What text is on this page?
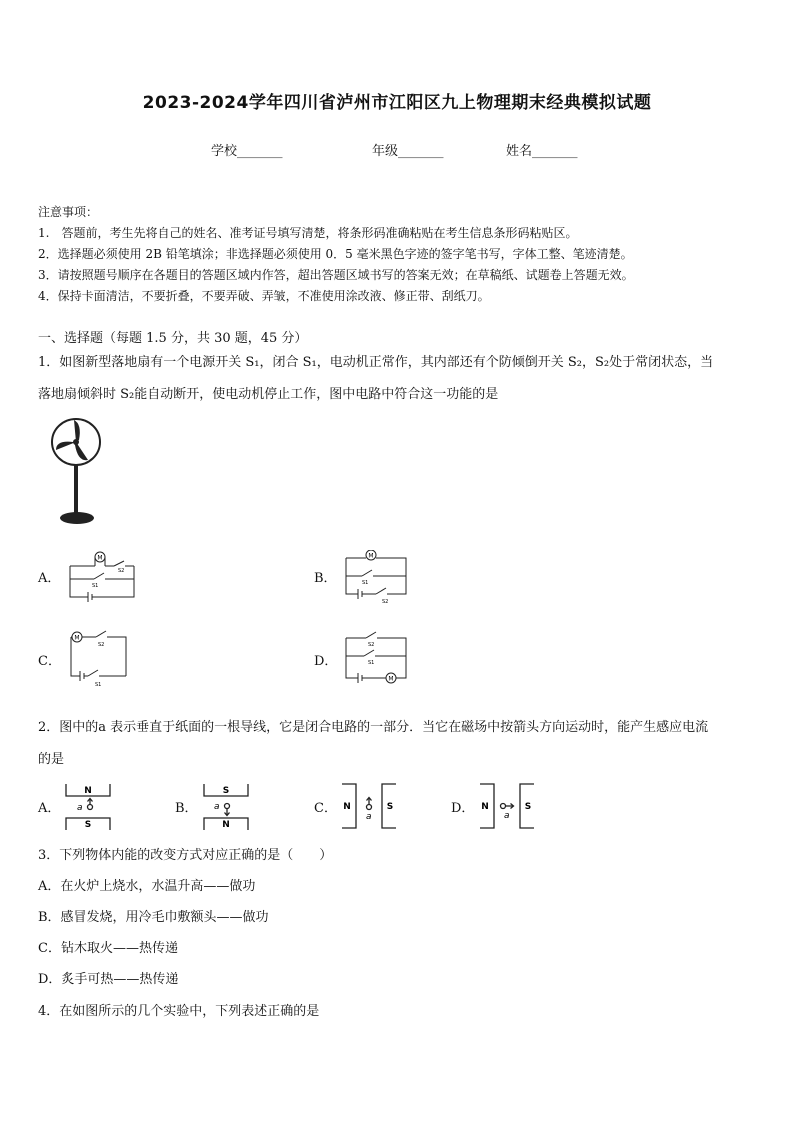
2023-2024学年四川省泸州市江阳区九上物理期末经典模拟试题
学校_______	年级_______	姓名_______
注意事项：
1.　答题前，考生先将自己的姓名、准考证号填写清楚，将条形码准确粘贴在考生信息条形码粘贴区。
2．选择题必须使用 2B 铅笔填涂；非选择题必须使用 0．5 毫米黑色字迹的签字笔书写，字体工整、笔迹清楚。
3．请按照题号顺序在各题目的答题区域内作答，超出答题区域书写的答案无效；在草稿纸、试题卷上答题无效。
4．保持卡面清洁，不要折叠，不要弄破、弄皱，不准使用涂改液、修正带、刮纸刀。
一、选择题（每题 1.5 分，共 30 题，45 分）
1．如图新型落地扇有一个电源开关 S₁，闭合 S₁，电动机正常作，其内部还有个防倾倒开关 S₂，S₂处于常闭状态，当
落地扇倾斜时 S₂能自动断开，使电动机停止工作，图中电路中符合这一功能的是
A．	B．
C．	D．
M
S2
S1
M
S1
S2
M
S2
S1
M
S2
S1
2．图中的a 表示垂直于纸面的一根导线，它是闭合电路的一部分．当它在磁场中按箭头方向运动时，能产生感应电流
的是
A．	B．	C．	D．
N
S
a
S
N
a	N	S
a
N	S
a
3．下列物体内能的改变方式对应正确的是（　　）
A．在火炉上烧水，水温升高——做功
B．感冒发烧，用冷毛巾敷额头——做功
C．钻木取火——热传递
D．炙手可热——热传递
4．在如图所示的几个实验中，下列表述正确的是
